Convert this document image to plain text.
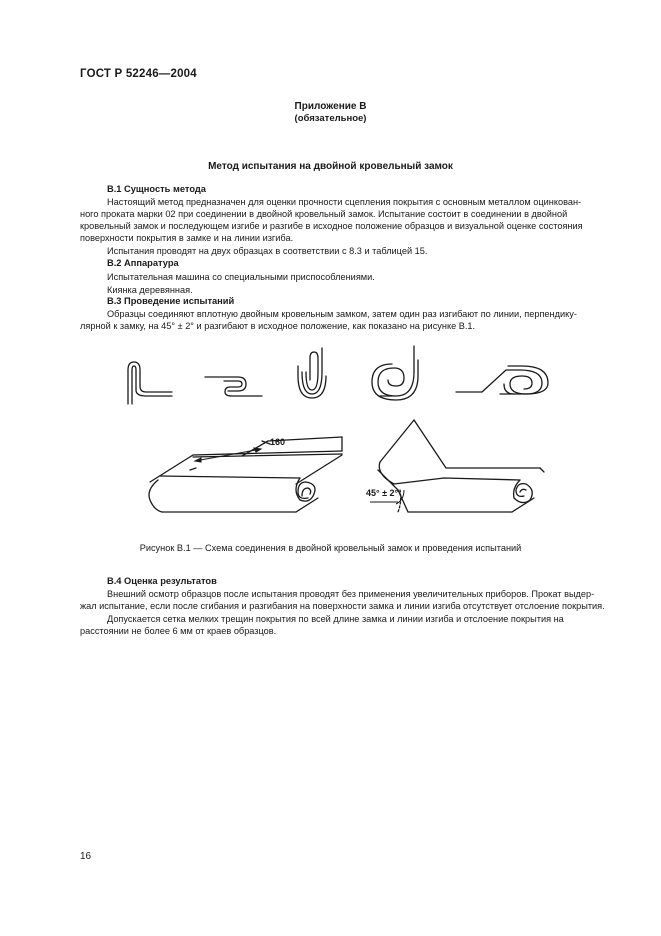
ГОСТ Р 52246—2004
Приложение В
(обязательное)
Метод испытания на двойной кровельный замок
В.1 Сущность метода
Настоящий метод предназначен для оценки прочности сцепления покрытия с основным металлом оцинкован-
ного проката марки 02 при соединении в двойной кровельный замок. Испытание состоит в соединении в двойной
кровельный замок и последующем изгибе и разгибе в исходное положение образцов и визуальной оценке состояния
поверхности покрытия в замке и на линии изгиба.
Испытания проводят на двух образцах в соответствии с 8.3 и таблицей 15.
В.2 Аппаратура
Испытательная машина со специальными приспособлениями.
Киянка деревянная.
В.3 Проведение испытаний
Образцы соединяют вплотную двойным кровельным замком, затем один раз изгибают по линии, перпендику-
лярной к замку, на 45° ± 2° и разгибают в исходное положение, как показано на рисунке В.1.
160
45° ± 2°
Рисунок В.1 — Схема соединения в двойной кровельный замок и проведения испытаний
В.4 Оценка результатов
Внешний осмотр образцов после испытания проводят без применения увеличительных приборов. Прокат выдер-
жал испытание, если после сгибания и разгибания на поверхности замка и линии изгиба отсутствует отслоение покрытия.
Допускается сетка мелких трещин покрытия по всей длине замка и линии изгиба и отслоение покрытия на
расстоянии не более 6 мм от краев образцов.
16
